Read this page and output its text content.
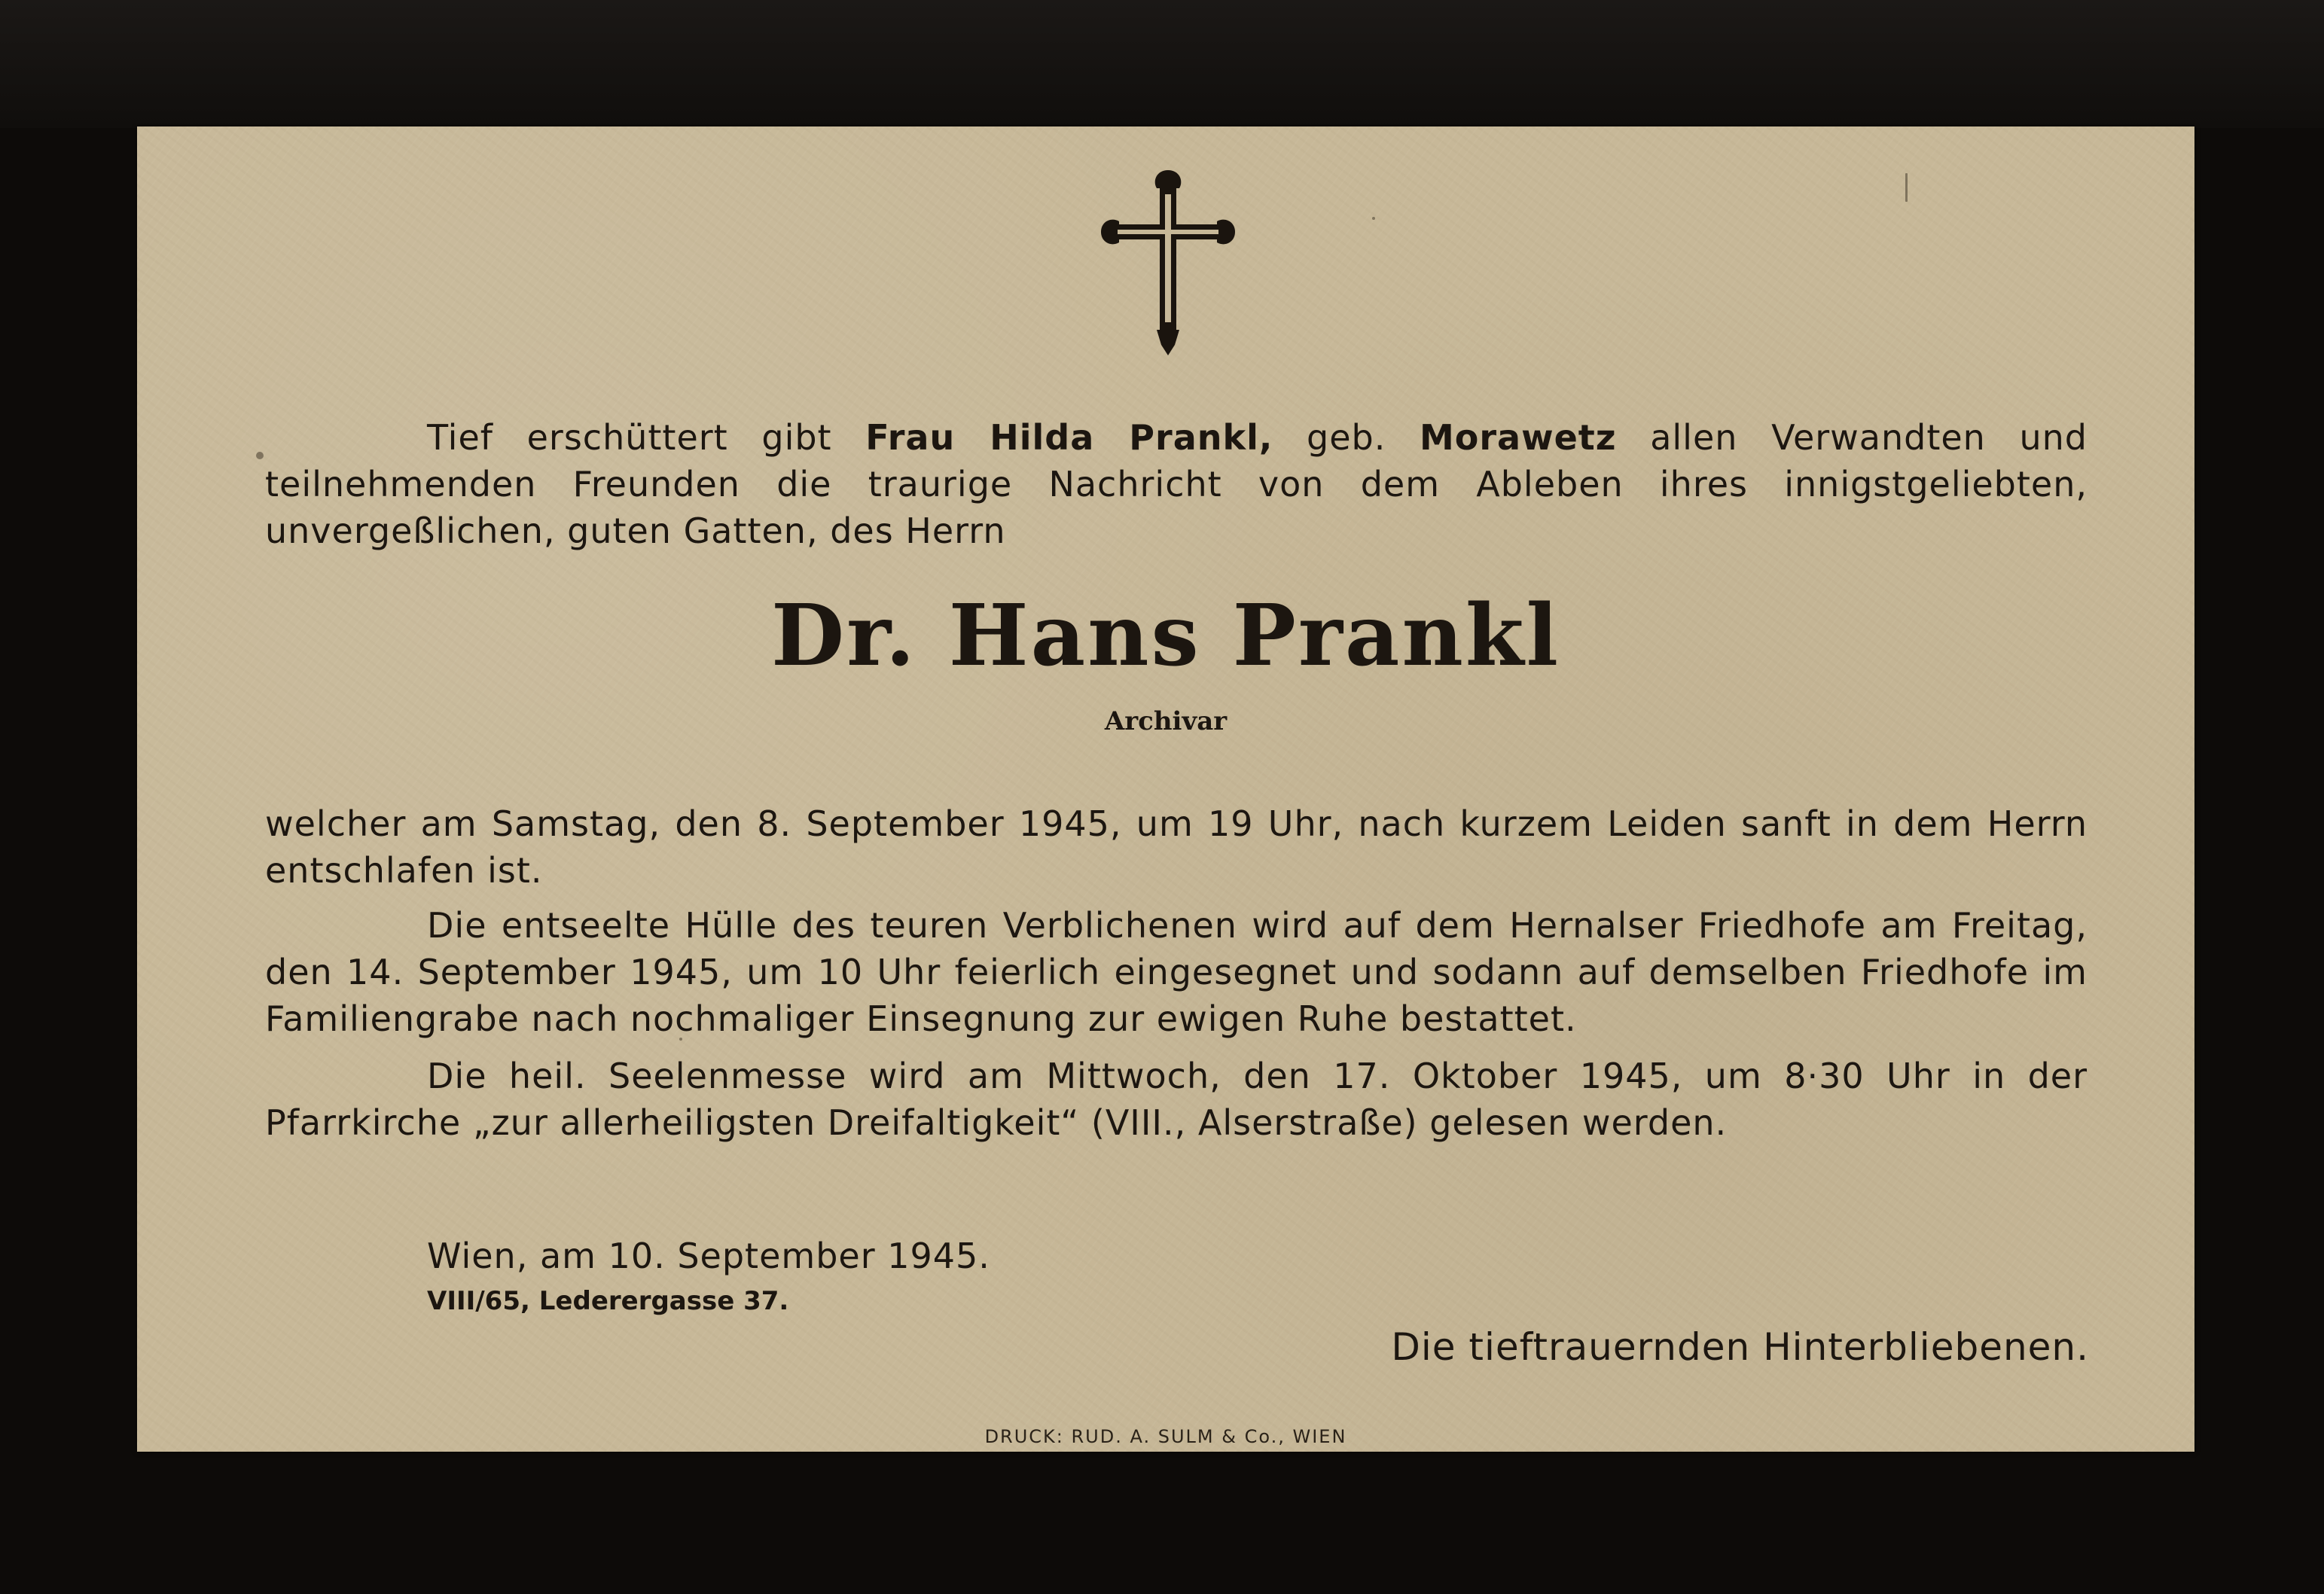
Tief erschüttert gibt Frau Hilda Prankl, geb. Morawetz allen Verwandten und teilnehmenden Freunden die traurige Nachricht von dem Ableben ihres innigstgeliebten, unvergeßlichen, guten Gatten, des Herrn

Dr. Hans Prankl

Archivar

welcher am Samstag, den 8. September 1945, um 19 Uhr, nach kurzem Leiden sanft in dem Herrn entschlafen ist.

Die entseelte Hülle des teuren Verblichenen wird auf dem Hernalser Friedhofe am Freitag, den 14. September 1945, um 10 Uhr feierlich eingesegnet und sodann auf demselben Friedhofe im Familiengrabe nach nochmaliger Einsegnung zur ewigen Ruhe bestattet.

Die heil. Seelenmesse wird am Mittwoch, den 17. Oktober 1945, um 8·30 Uhr in der Pfarrkirche „zur allerheiligsten Dreifaltigkeit“ (VIII., Alserstraße) gelesen werden.

Wien, am 10. September 1945.

VIII/65, Lederergasse 37.

Die tieftrauernden Hinterbliebenen.

DRUCK: RUD. A. SULM & Co., WIEN
